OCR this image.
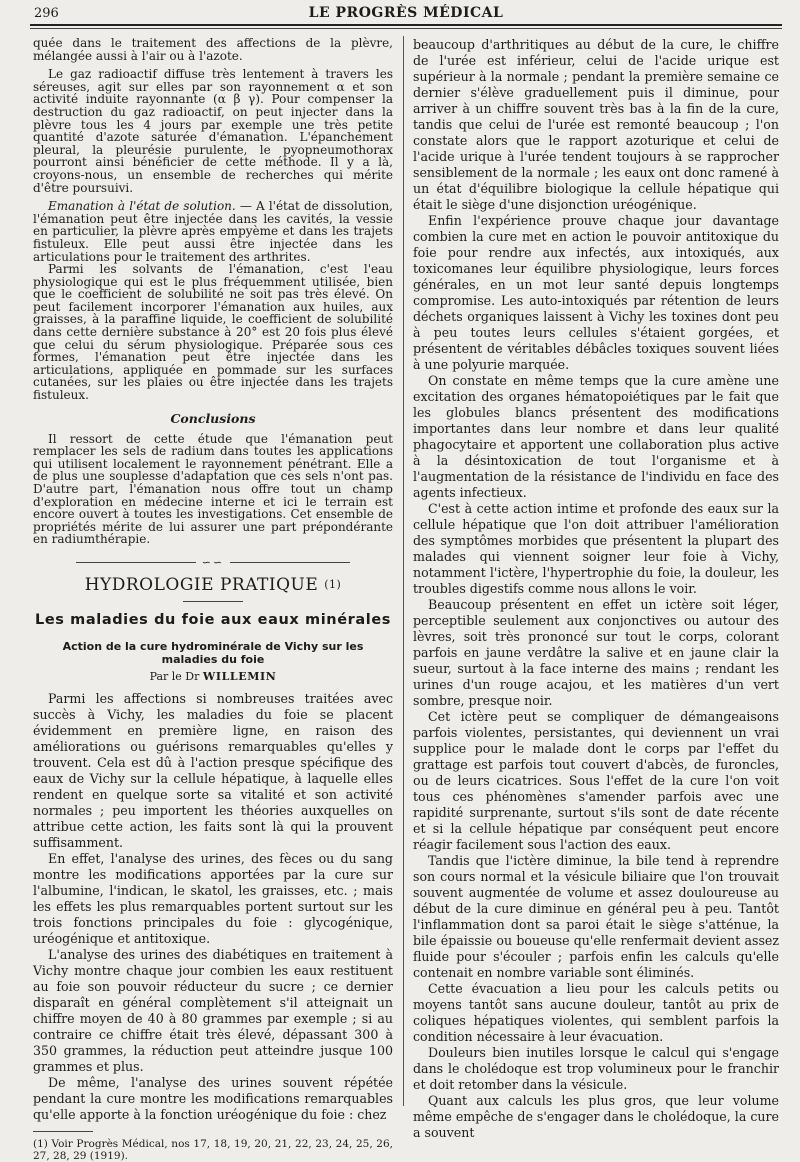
296	LE PROGRÈS MÉDICAL

quée dans le traitement des affections de la plèvre, mélangée aussi à l'air ou à l'azote.

Le gaz radioactif diffuse très lentement à travers les séreuses, agit sur elles par son rayonnement α et son activité induite rayonnante (α β γ). Pour compenser la destruction du gaz radioactif, on peut injecter dans la plèvre tous les 4 jours par exemple une très petite quantité d'azote saturée d'émanation. L'épanchement pleural, la pleurésie purulente, le pyopneumothorax pourront ainsi bénéficier de cette méthode. Il y a là, croyons-nous, un ensemble de recherches qui mérite d'être poursuivi.

Emanation à l'état de solution. — A l'état de dissolution, l'émanation peut être injectée dans les cavités, la vessie en particulier, la plèvre après empyème et dans les trajets fistuleux. Elle peut aussi être injectée dans les articulations pour le traitement des arthrites.

Parmi les solvants de l'émanation, c'est l'eau physiologique qui est le plus fréquemment utilisée, bien que le coefficient de solubilité ne soit pas très élevé. On peut facilement incorporer l'émanation aux huiles, aux graisses, à la paraffine liquide, le coefficient de solubilité dans cette dernière substance à 20° est 20 fois plus élevé que celui du sérum physiologique. Préparée sous ces formes, l'émanation peut être injectée dans les articulations, appliquée en pommade sur les surfaces cutanées, sur les plaies ou être injectée dans les trajets fistuleux.

Conclusions

Il ressort de cette étude que l'émanation peut remplacer les sels de radium dans toutes les applications qui utilisent localement le rayonnement pénétrant. Elle a de plus une souplesse d'adaptation que ces sels n'ont pas. D'autre part, l'émanation nous offre tout un champ d'exploration en médecine interne et ici le terrain est encore ouvert à toutes les investigations. Cet ensemble de propriétés mérite de lui assurer une part prépondérante en radiumthérapie.

∽∽
HYDROLOGIE PRATIQUE $^{(1)}$
Les maladies du foie aux eaux minérales
Action de la cure hydrominérale de Vichy sur les maladies du foie
Par le Dr WILLEMIN

Parmi les affections si nombreuses traitées avec succès à Vichy, les maladies du foie se placent évidemment en première ligne, en raison des améliorations ou guérisons remarquables qu'elles y trouvent. Cela est dû à l'action presque spécifique des eaux de Vichy sur la cellule hépatique, à laquelle elles rendent en quelque sorte sa vitalité et son activité normales ; peu importent les théories auxquelles on attribue cette action, les faits sont là qui la prouvent suffisamment.

En effet, l'analyse des urines, des fèces ou du sang montre les modifications apportées par la cure sur l'albumine, l'indican, le skatol, les graisses, etc. ; mais les effets les plus remarquables portent surtout sur les trois fonctions principales du foie : glycogénique, uréogénique et antitoxique.

L'analyse des urines des diabétiques en traitement à Vichy montre chaque jour combien les eaux restituent au foie son pouvoir réducteur du sucre ; ce dernier disparaît en général complètement s'il atteignait un chiffre moyen de 40 à 80 grammes par exemple ; si au contraire ce chiffre était très élevé, dépassant 300 à 350 grammes, la réduction peut atteindre jusque 100 grammes et plus.

De même, l'analyse des urines souvent répétée pendant la cure montre les modifications remarquables qu'elle apporte à la fonction uréogénique du foie : chez

(1) Voir Progrès Médical, nos 17, 18, 19, 20, 21, 22, 23, 24, 25, 26, 27, 28, 29 (1919).

beaucoup d'arthritiques au début de la cure, le chiffre de l'urée est inférieur, celui de l'acide urique est supérieur à la normale ; pendant la première semaine ce dernier s'élève graduellement puis il diminue, pour arriver à un chiffre souvent très bas à la fin de la cure, tandis que celui de l'urée est remonté beaucoup ; l'on constate alors que le rapport azoturique et celui de l'acide urique à l'urée tendent toujours à se rapprocher sensiblement de la normale ; les eaux ont donc ramené à un état d'équilibre biologique la cellule hépatique qui était le siège d'une disjonction uréogénique.

Enfin l'expérience prouve chaque jour davantage combien la cure met en action le pouvoir antitoxique du foie pour rendre aux infectés, aux intoxiqués, aux toxicomanes leur équilibre physiologique, leurs forces générales, en un mot leur santé depuis longtemps compromise. Les auto-intoxiqués par rétention de leurs déchets organiques laissent à Vichy les toxines dont peu à peu toutes leurs cellules s'étaient gorgées, et présentent de véritables débâcles toxiques souvent liées à une polyurie marquée.

On constate en même temps que la cure amène une excitation des organes hématopoiétiques par le fait que les globules blancs présentent des modifications importantes dans leur nombre et dans leur qualité phagocytaire et apportent une collaboration plus active à la désintoxication de tout l'organisme et à l'augmentation de la résistance de l'individu en face des agents infectieux.

C'est à cette action intime et profonde des eaux sur la cellule hépatique que l'on doit attribuer l'amélioration des symptômes morbides que présentent la plupart des malades qui viennent soigner leur foie à Vichy, notamment l'ictère, l'hypertrophie du foie, la douleur, les troubles digestifs comme nous allons le voir.

Beaucoup présentent en effet un ictère soit léger, perceptible seulement aux conjonctives ou autour des lèvres, soit très prononcé sur tout le corps, colorant parfois en jaune verdâtre la salive et en jaune clair la sueur, surtout à la face interne des mains ; rendant les urines d'un rouge acajou, et les matières d'un vert sombre, presque noir.

Cet ictère peut se compliquer de démangeaisons parfois violentes, persistantes, qui deviennent un vrai supplice pour le malade dont le corps par l'effet du grattage est parfois tout couvert d'abcès, de furoncles, ou de leurs cicatrices. Sous l'effet de la cure l'on voit tous ces phénomènes s'amender parfois avec une rapidité surprenante, surtout s'ils sont de date récente et si la cellule hépatique par conséquent peut encore réagir facilement sous l'action des eaux.

Tandis que l'ictère diminue, la bile tend à reprendre son cours normal et la vésicule biliaire que l'on trouvait souvent augmentée de volume et assez douloureuse au début de la cure diminue en général peu à peu. Tantôt l'inflammation dont sa paroi était le siège s'atténue, la bile épaissie ou boueuse qu'elle renfermait devient assez fluide pour s'écouler ; parfois enfin les calculs qu'elle contenait en nombre variable sont éliminés.

Cette évacuation a lieu pour les calculs petits ou moyens tantôt sans aucune douleur, tantôt au prix de coliques hépatiques violentes, qui semblent parfois la condition nécessaire à leur évacuation.

Douleurs bien inutiles lorsque le calcul qui s'engage dans le cholédoque est trop volumineux pour le franchir et doit retomber dans la vésicule.

Quant aux calculs les plus gros, que leur volume même empêche de s'engager dans le cholédoque, la cure a souvent
